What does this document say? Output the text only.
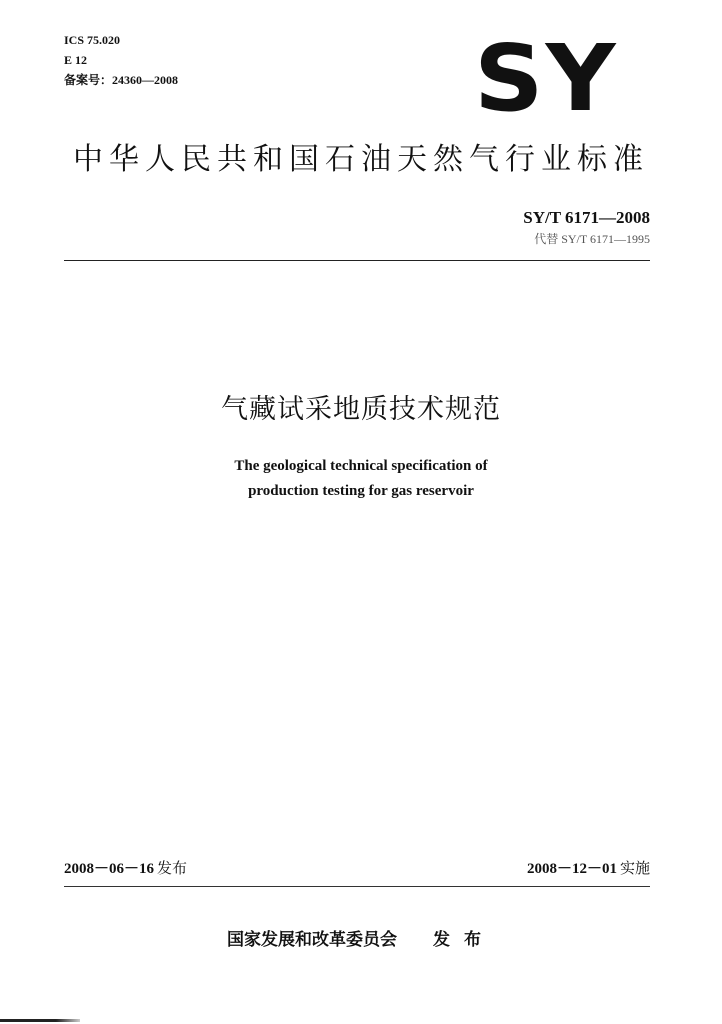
ICS 75.020
E 12
备案号：24360—2008	SY
中华人民共和国石油天然气行业标准
SY/T 6171—2008
代替 SY/T 6171—1995
气藏试采地质技术规范
The geological technical specification of
production testing for gas reservoir
2008－06－16 发布	2008－12－01 实施
国家发展和改革委员会 发布
